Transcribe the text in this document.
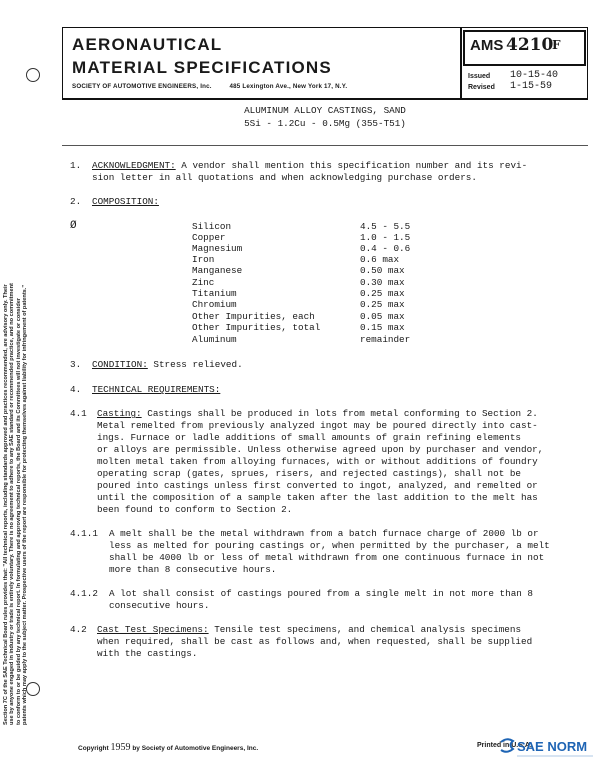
Section 7C of the SAE Technical Board rules provides that: "All technical reports, including standards approved and practices recommended, are advisory only. Their use by anyone engaged in industry or trade is entirely voluntary. There is no agreement to adhere to any SAE standard or recommended practice, and no commitment to conform to or be guided by any technical report. In formulating and approving technical reports, the Board and its Committees will not investigate or consider patents which may apply to the subject matter. Prospective users of the report are responsible for protecting themselves against liability for infringement of patents."
AERONAUTICAL
MATERIAL SPECIFICATIONS
SOCIETY OF AUTOMOTIVE ENGINEERS, Inc.	485 Lexington Ave., New York 17, N.Y.
AMS 4210
F
Issued 10-15-40
Revised 1-15-59
ALUMINUM ALLOY CASTINGS, SAND
5Si - 1.2Cu - 0.5Mg (355-T51)
1. ACKNOWLEDGMENT: A vendor shall mention this specification number and its revi-
sion letter in all quotations and when acknowledging purchase orders.
2. COMPOSITION:
Ø	Silicon	4.5 - 5.5
Copper	1.0 - 1.5
Magnesium	0.4 - 0.6
Iron	0.6 max
Manganese	0.50 max
Zinc	0.30 max
Titanium	0.25 max
Chromium	0.25 max
Other Impurities, each	0.05 max
Other Impurities, total	0.15 max
Aluminum	remainder
3. CONDITION: Stress relieved.
4. TECHNICAL REQUIREMENTS:
4.1 Casting: Castings shall be produced in lots from metal conforming to Section 2.
Metal remelted from previously analyzed ingot may be poured directly into cast-
ings. Furnace or ladle additions of small amounts of grain refining elements
or alloys are permissible. Unless otherwise agreed upon by purchaser and vendor,
molten metal taken from alloying furnaces, with or without additions of foundry
operating scrap (gates, sprues, risers, and rejected castings), shall not be
poured into castings unless first converted to ingot, analyzed, and remelted or
until the composition of a sample taken after the last addition to the melt has
been found to conform to Section 2.
4.1.1 A melt shall be the metal withdrawn from a batch furnace charge of 2000 lb or
less as melted for pouring castings or, when permitted by the purchaser, a melt
shall be 4000 lb or less of metal withdrawn from one continuous furnace in not
more than 8 consecutive hours.
4.1.2 A lot shall consist of castings poured from a single melt in not more than 8
consecutive hours.
4.2 Cast Test Specimens: Tensile test specimens, and chemical analysis specimens
when required, shall be cast as follows and, when requested, shall be supplied
with the castings.
Copyright 1959 by Society of Automotive Engineers, Inc.	Printed in U.S.A.
SAE NORM
